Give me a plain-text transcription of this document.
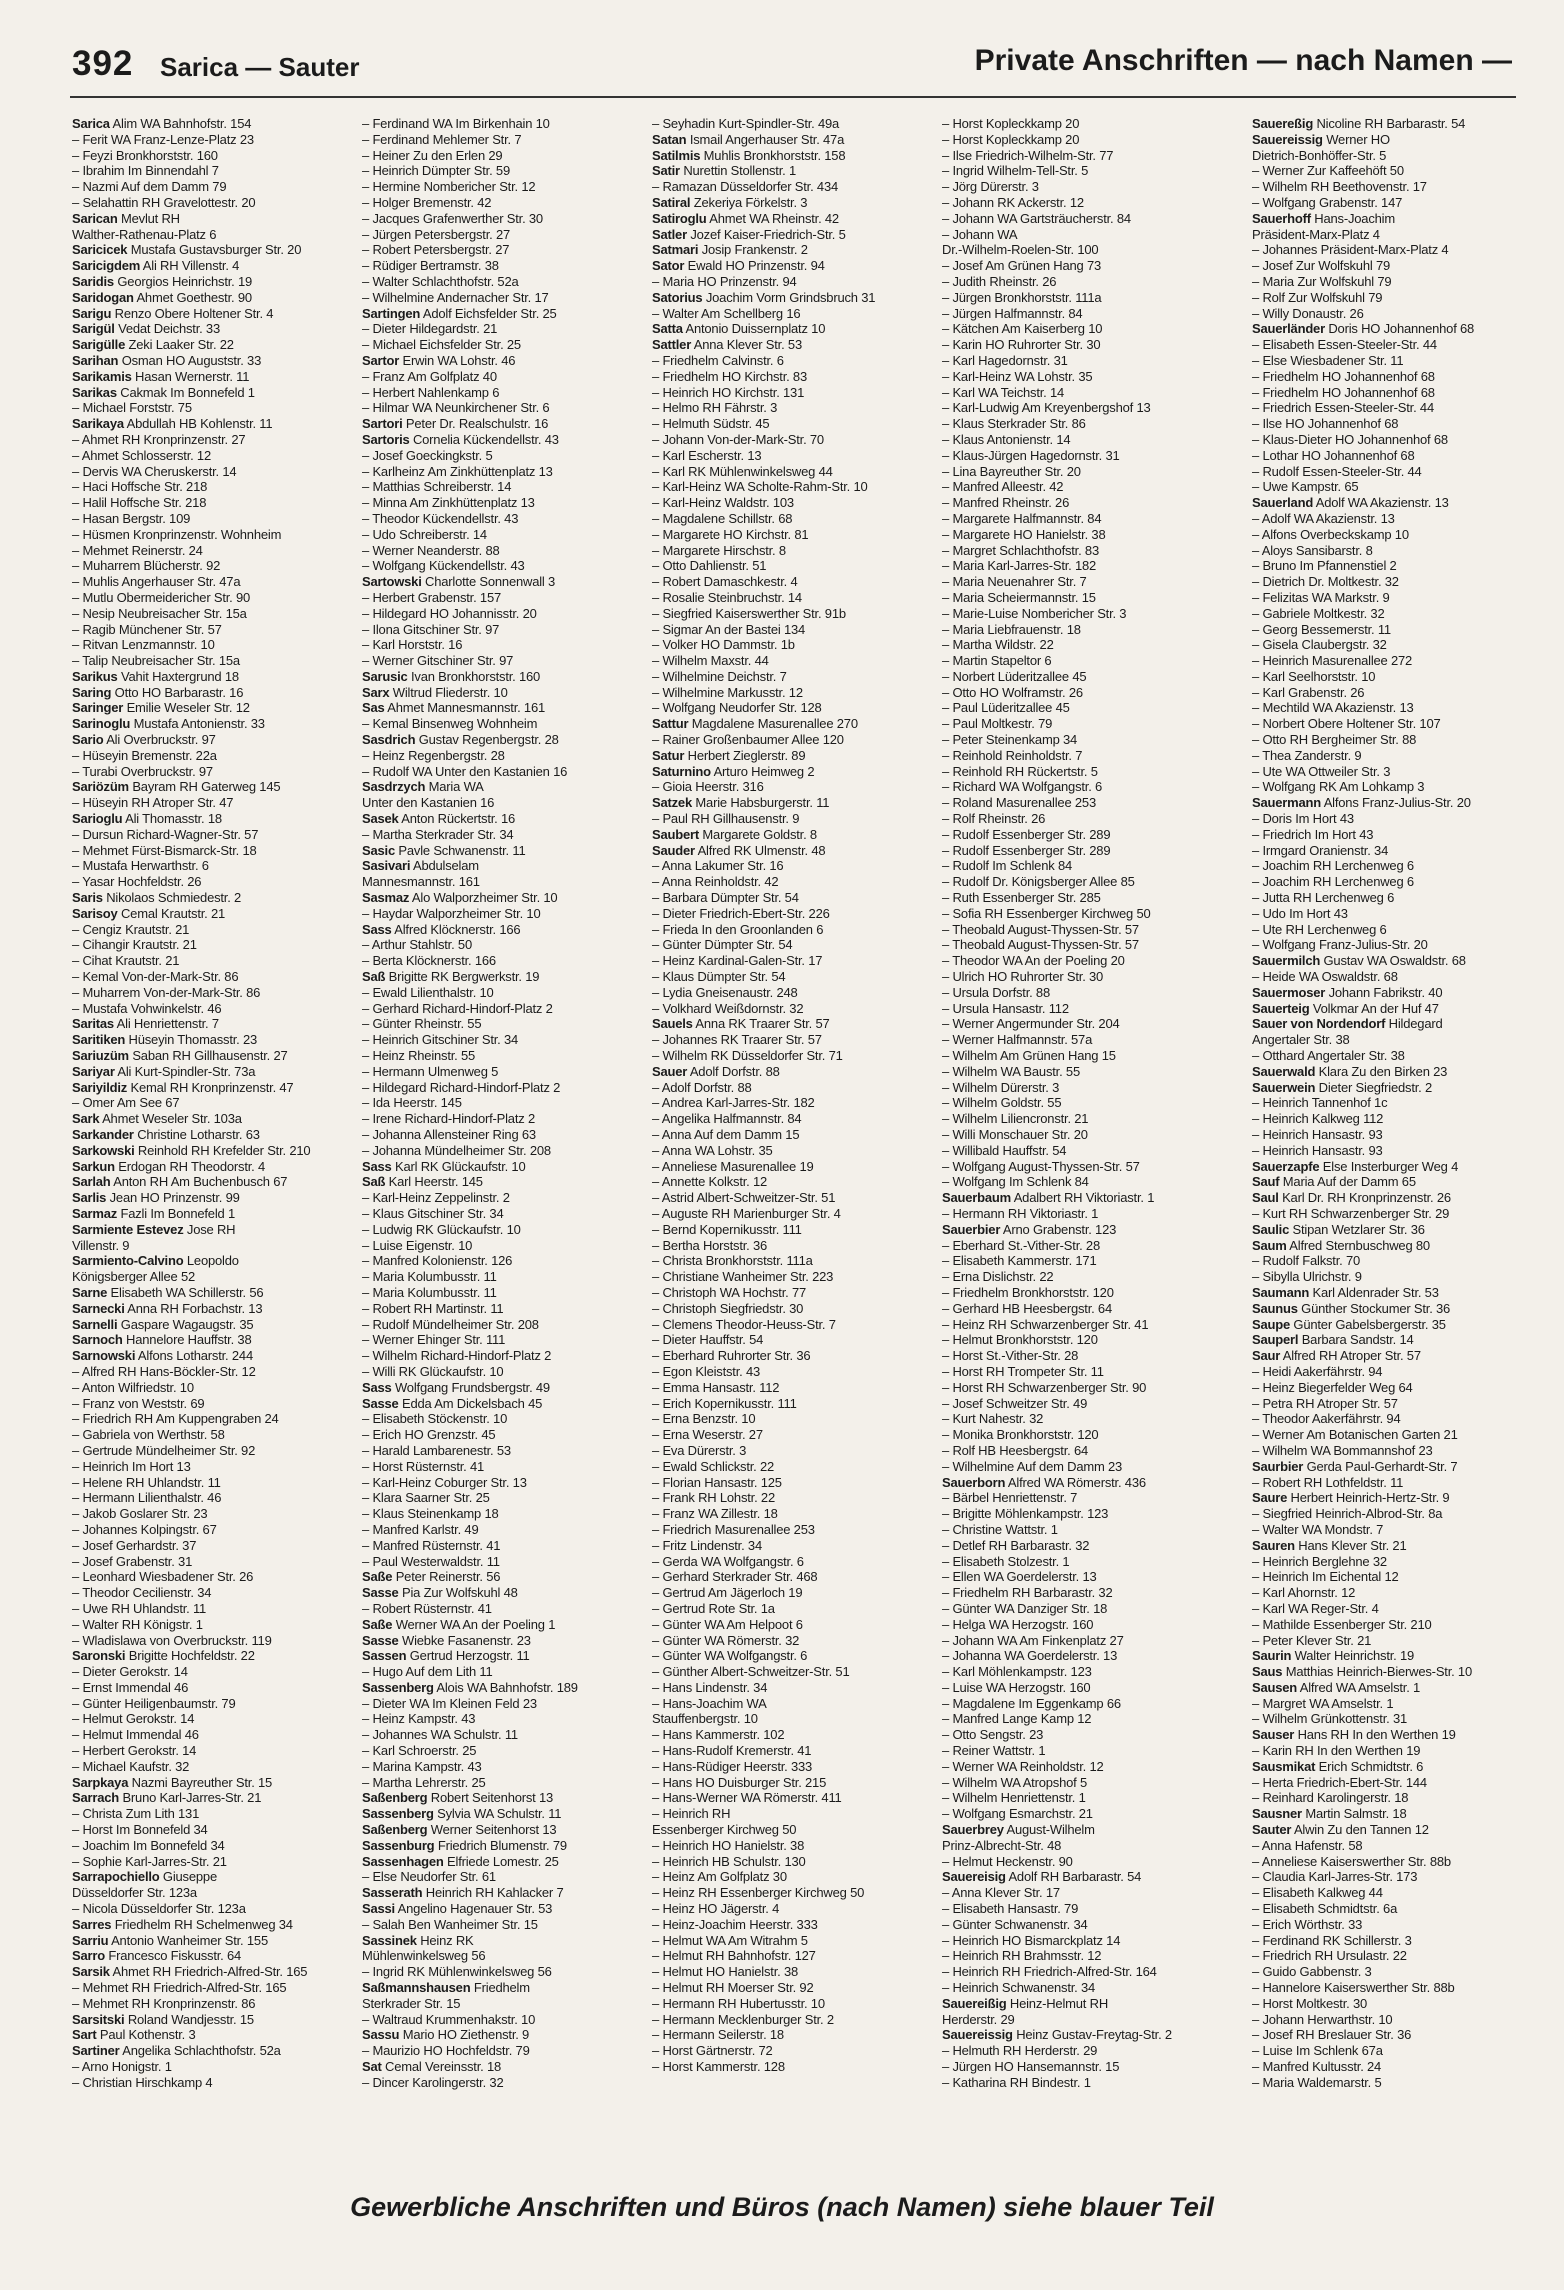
392 Sarica — Sauter	Private Anschriften — nach Namen —
Sarica Alim WA Bahnhofstr. 154
– Ferit WA Franz-Lenze-Platz 23
– Feyzi Bronkhorststr. 160
– Ibrahim Im Binnendahl 7
– Nazmi Auf dem Damm 79
– Selahattin RH Gravelottestr. 20
Sarican Mevlut RH
Walther-Rathenau-Platz 6
Saricicek Mustafa Gustavsburger Str. 20
Saricigdem Ali RH Villenstr. 4
Saridis Georgios Heinrichstr. 19
Saridogan Ahmet Goethestr. 90
Sarigu Renzo Obere Holtener Str. 4
Sarigül Vedat Deichstr. 33
Sarigülle Zeki Laaker Str. 22
Sarihan Osman HO Auguststr. 33
Sarikamis Hasan Wernerstr. 11
Sarikas Cakmak Im Bonnefeld 1
– Michael Forststr. 75
Sarikaya Abdullah HB Kohlenstr. 11
– Ahmet RH Kronprinzenstr. 27
– Ahmet Schlosserstr. 12
– Dervis WA Cheruskerstr. 14
– Haci Hoffsche Str. 218
– Halil Hoffsche Str. 218
– Hasan Bergstr. 109
– Hüsmen Kronprinzenstr. Wohnheim
– Mehmet Reinerstr. 24
– Muharrem Blücherstr. 92
– Muhlis Angerhauser Str. 47a
– Mutlu Obermeidericher Str. 90
– Nesip Neubreisacher Str. 15a
– Ragib Münchener Str. 57
– Ritvan Lenzmannstr. 10
– Talip Neubreisacher Str. 15a
Sarikus Vahit Haxtergrund 18
Saring Otto HO Barbarastr. 16
Saringer Emilie Weseler Str. 12
Sarinoglu Mustafa Antonienstr. 33
Sario Ali Overbruckstr. 97
– Hüseyin Bremenstr. 22a
– Turabi Overbruckstr. 97
Sariözüm Bayram RH Gaterweg 145
– Hüseyin RH Atroper Str. 47
Sarioglu Ali Thomasstr. 18
– Dursun Richard-Wagner-Str. 57
– Mehmet Fürst-Bismarck-Str. 18
– Mustafa Herwarthstr. 6
– Yasar Hochfeldstr. 26
Saris Nikolaos Schmiedestr. 2
Sarisoy Cemal Krautstr. 21
– Cengiz Krautstr. 21
– Cihangir Krautstr. 21
– Cihat Krautstr. 21
– Kemal Von-der-Mark-Str. 86
– Muharrem Von-der-Mark-Str. 86
– Mustafa Vohwinkelstr. 46
Saritas Ali Henriettenstr. 7
Saritiken Hüseyin Thomasstr. 23
Sariuzüm Saban RH Gillhausenstr. 27
Sariyar Ali Kurt-Spindler-Str. 73a
Sariyildiz Kemal RH Kronprinzenstr. 47
– Omer Am See 67
Sark Ahmet Weseler Str. 103a
Sarkander Christine Lotharstr. 63
Sarkowski Reinhold RH Krefelder Str. 210
Sarkun Erdogan RH Theodorstr. 4
Sarlah Anton RH Am Buchenbusch 67
Sarlis Jean HO Prinzenstr. 99
Sarmaz Fazli Im Bonnefeld 1
Sarmiente Estevez Jose RH
Villenstr. 9
Sarmiento-Calvino Leopoldo
Königsberger Allee 52
Sarne Elisabeth WA Schillerstr. 56
Sarnecki Anna RH Forbachstr. 13
Sarnelli Gaspare Wagaugstr. 35
Sarnoch Hannelore Hauffstr. 38
Sarnowski Alfons Lotharstr. 244
– Alfred RH Hans-Böckler-Str. 12
– Anton Wilfriedstr. 10
– Franz von Weststr. 69
– Friedrich RH Am Kuppengraben 24
– Gabriela von Werthstr. 58
– Gertrude Mündelheimer Str. 92
– Heinrich Im Hort 13
– Helene RH Uhlandstr. 11
– Hermann Lilienthalstr. 46
– Jakob Goslarer Str. 23
– Johannes Kolpingstr. 67
– Josef Gerhardstr. 37
– Josef Grabenstr. 31
– Leonhard Wiesbadener Str. 26
– Theodor Cecilienstr. 34
– Uwe RH Uhlandstr. 11
– Walter RH Königstr. 1
– Wladislawa von Overbruckstr. 119
Saronski Brigitte Hochfeldstr. 22
– Dieter Gerokstr. 14
– Ernst Immendal 46
– Günter Heiligenbaumstr. 79
– Helmut Gerokstr. 14
– Helmut Immendal 46
– Herbert Gerokstr. 14
– Michael Kaufstr. 32
Sarpkaya Nazmi Bayreuther Str. 15
Sarrach Bruno Karl-Jarres-Str. 21
– Christa Zum Lith 131
– Horst Im Bonnefeld 34
– Joachim Im Bonnefeld 34
– Sophie Karl-Jarres-Str. 21
Sarrapochiello Giuseppe
Düsseldorfer Str. 123a
– Nicola Düsseldorfer Str. 123a
Sarres Friedhelm RH Schelmenweg 34
Sarriu Antonio Wanheimer Str. 155
Sarro Francesco Fiskusstr. 64
Sarsik Ahmet RH Friedrich-Alfred-Str. 165
– Mehmet RH Friedrich-Alfred-Str. 165
– Mehmet RH Kronprinzenstr. 86
Sarsitski Roland Wandjesstr. 15
Sart Paul Kothenstr. 3
Sartiner Angelika Schlachthofstr. 52a
– Arno Honigstr. 1
– Christian Hirschkamp 4
– Ferdinand WA Im Birkenhain 10
– Ferdinand Mehlemer Str. 7
– Heiner Zu den Erlen 29
– Heinrich Dümpter Str. 59
– Hermine Nombericher Str. 12
– Holger Bremenstr. 42
– Jacques Grafenwerther Str. 30
– Jürgen Petersbergstr. 27
– Robert Petersbergstr. 27
– Rüdiger Bertramstr. 38
– Walter Schlachthofstr. 52a
– Wilhelmine Andernacher Str. 17
Sartingen Adolf Eichsfelder Str. 25
– Dieter Hildegardstr. 21
– Michael Eichsfelder Str. 25
Sartor Erwin WA Lohstr. 46
– Franz Am Golfplatz 40
– Herbert Nahlenkamp 6
– Hilmar WA Neunkirchener Str. 6
Sartori Peter Dr. Realschulstr. 16
Sartoris Cornelia Kückendellstr. 43
– Josef Goeckingkstr. 5
– Karlheinz Am Zinkhüttenplatz 13
– Matthias Schreiberstr. 14
– Minna Am Zinkhüttenplatz 13
– Theodor Kückendellstr. 43
– Udo Schreiberstr. 14
– Werner Neanderstr. 88
– Wolfgang Kückendellstr. 43
Sartowski Charlotte Sonnenwall 3
– Herbert Grabenstr. 157
– Hildegard HO Johannisstr. 20
– Ilona Gitschiner Str. 97
– Karl Horststr. 16
– Werner Gitschiner Str. 97
Sarusic Ivan Bronkhorststr. 160
Sarx Wiltrud Fliederstr. 10
Sas Ahmet Mannesmannstr. 161
– Kemal Binsenweg Wohnheim
Sasdrich Gustav Regenbergstr. 28
– Heinz Regenbergstr. 28
– Rudolf WA Unter den Kastanien 16
Sasdrzych Maria WA
Unter den Kastanien 16
Sasek Anton Rückertstr. 16
– Martha Sterkrader Str. 34
Sasic Pavle Schwanenstr. 11
Sasivari Abdulselam
Mannesmannstr. 161
Sasmaz Alo Walporzheimer Str. 10
– Haydar Walporzheimer Str. 10
Sass Alfred Klöcknerstr. 166
– Arthur Stahlstr. 50
– Berta Klöcknerstr. 166
Saß Brigitte RK Bergwerkstr. 19
– Ewald Lilienthalstr. 10
– Gerhard Richard-Hindorf-Platz 2
– Günter Rheinstr. 55
– Heinrich Gitschiner Str. 34
– Heinz Rheinstr. 55
– Hermann Ulmenweg 5
– Hildegard Richard-Hindorf-Platz 2
– Ida Heerstr. 145
– Irene Richard-Hindorf-Platz 2
– Johanna Allensteiner Ring 63
– Johanna Mündelheimer Str. 208
Sass Karl RK Glückaufstr. 10
Saß Karl Heerstr. 145
– Karl-Heinz Zeppelinstr. 2
– Klaus Gitschiner Str. 34
– Ludwig RK Glückaufstr. 10
– Luise Eigenstr. 10
– Manfred Kolonienstr. 126
– Maria Kolumbusstr. 11
– Maria Kolumbusstr. 11
– Robert RH Martinstr. 11
– Rudolf Mündelheimer Str. 208
– Werner Ehinger Str. 111
– Wilhelm Richard-Hindorf-Platz 2
– Willi RK Glückaufstr. 10
Sass Wolfgang Frundsbergstr. 49
Sasse Edda Am Dickelsbach 45
– Elisabeth Stöckenstr. 10
– Erich HO Grenzstr. 45
– Harald Lambarenestr. 53
– Horst Rüsternstr. 41
– Karl-Heinz Coburger Str. 13
– Klara Saarner Str. 25
– Klaus Steinenkamp 18
– Manfred Karlstr. 49
– Manfred Rüsternstr. 41
– Paul Westerwaldstr. 11
Saße Peter Reinerstr. 56
Sasse Pia Zur Wolfskuhl 48
– Robert Rüsternstr. 41
Saße Werner WA An der Poeling 1
Sasse Wiebke Fasanenstr. 23
Sassen Gertrud Herzogstr. 11
– Hugo Auf dem Lith 11
Sassenberg Alois WA Bahnhofstr. 189
– Dieter WA Im Kleinen Feld 23
– Heinz Kampstr. 43
– Johannes WA Schulstr. 11
– Karl Schroerstr. 25
– Marina Kampstr. 43
– Martha Lehrerstr. 25
Saßenberg Robert Seitenhorst 13
Sassenberg Sylvia WA Schulstr. 11
Saßenberg Werner Seitenhorst 13
Sassenburg Friedrich Blumenstr. 79
Sassenhagen Elfriede Lomestr. 25
– Else Neudorfer Str. 61
Sasserath Heinrich RH Kahlacker 7
Sassi Angelino Hagenauer Str. 53
– Salah Ben Wanheimer Str. 15
Sassinek Heinz RK
Mühlenwinkelsweg 56
– Ingrid RK Mühlenwinkelsweg 56
Saßmannshausen Friedhelm
Sterkrader Str. 15
– Waltraud Krummenhakstr. 10
Sassu Mario HO Ziethenstr. 9
– Maurizio HO Hochfeldstr. 79
Sat Cemal Vereinsstr. 18
– Dincer Karolingerstr. 32
– Seyhadin Kurt-Spindler-Str. 49a
Satan Ismail Angerhauser Str. 47a
Satilmis Muhlis Bronkhorststr. 158
Satir Nurettin Stollenstr. 1
– Ramazan Düsseldorfer Str. 434
Satiral Zekeriya Förkelstr. 3
Satiroglu Ahmet WA Rheinstr. 42
Satler Jozef Kaiser-Friedrich-Str. 5
Satmari Josip Frankenstr. 2
Sator Ewald HO Prinzenstr. 94
– Maria HO Prinzenstr. 94
Satorius Joachim Vorm Grindsbruch 31
– Walter Am Schellberg 16
Satta Antonio Duissernplatz 10
Sattler Anna Klever Str. 53
– Friedhelm Calvinstr. 6
– Friedhelm HO Kirchstr. 83
– Heinrich HO Kirchstr. 131
– Helmo RH Fährstr. 3
– Helmuth Südstr. 45
– Johann Von-der-Mark-Str. 70
– Karl Escherstr. 13
– Karl RK Mühlenwinkelsweg 44
– Karl-Heinz WA Scholte-Rahm-Str. 10
– Karl-Heinz Waldstr. 103
– Magdalene Schillstr. 68
– Margarete HO Kirchstr. 81
– Margarete Hirschstr. 8
– Otto Dahlienstr. 51
– Robert Damaschkestr. 4
– Rosalie Steinbruchstr. 14
– Siegfried Kaiserswerther Str. 91b
– Sigmar An der Bastei 134
– Volker HO Dammstr. 1b
– Wilhelm Maxstr. 44
– Wilhelmine Deichstr. 7
– Wilhelmine Markusstr. 12
– Wolfgang Neudorfer Str. 128
Sattur Magdalene Masurenallee 270
– Rainer Großenbaumer Allee 120
Satur Herbert Zieglerstr. 89
Saturnino Arturo Heimweg 2
– Gioia Heerstr. 316
Satzek Marie Habsburgerstr. 11
– Paul RH Gillhausenstr. 9
Saubert Margarete Goldstr. 8
Sauder Alfred RK Ulmenstr. 48
– Anna Lakumer Str. 16
– Anna Reinholdstr. 42
– Barbara Dümpter Str. 54
– Dieter Friedrich-Ebert-Str. 226
– Frieda In den Groonlanden 6
– Günter Dümpter Str. 54
– Heinz Kardinal-Galen-Str. 17
– Klaus Dümpter Str. 54
– Lydia Gneisenaustr. 248
– Volkhard Weißdornstr. 32
Sauels Anna RK Traarer Str. 57
– Johannes RK Traarer Str. 57
– Wilhelm RK Düsseldorfer Str. 71
Sauer Adolf Dorfstr. 88
– Adolf Dorfstr. 88
– Andrea Karl-Jarres-Str. 182
– Angelika Halfmannstr. 84
– Anna Auf dem Damm 15
– Anna WA Lohstr. 35
– Anneliese Masurenallee 19
– Annette Kolkstr. 12
– Astrid Albert-Schweitzer-Str. 51
– Auguste RH Marienburger Str. 4
– Bernd Kopernikusstr. 111
– Bertha Horststr. 36
– Christa Bronkhorststr. 111a
– Christiane Wanheimer Str. 223
– Christoph WA Hochstr. 77
– Christoph Siegfriedstr. 30
– Clemens Theodor-Heuss-Str. 7
– Dieter Hauffstr. 54
– Eberhard Ruhrorter Str. 36
– Egon Kleiststr. 43
– Emma Hansastr. 112
– Erich Kopernikusstr. 111
– Erna Benzstr. 10
– Erna Weserstr. 27
– Eva Dürerstr. 3
– Ewald Schlickstr. 22
– Florian Hansastr. 125
– Frank RH Lohstr. 22
– Franz WA Zillestr. 18
– Friedrich Masurenallee 253
– Fritz Lindenstr. 34
– Gerda WA Wolfgangstr. 6
– Gerhard Sterkrader Str. 468
– Gertrud Am Jägerloch 19
– Gertrud Rote Str. 1a
– Günter WA Am Helpoot 6
– Günter WA Römerstr. 32
– Günter WA Wolfgangstr. 6
– Günther Albert-Schweitzer-Str. 51
– Hans Lindenstr. 34
– Hans-Joachim WA
Stauffenbergstr. 10
– Hans Kammerstr. 102
– Hans-Rudolf Kremerstr. 41
– Hans-Rüdiger Heerstr. 333
– Hans HO Duisburger Str. 215
– Hans-Werner WA Römerstr. 411
– Heinrich RH
Essenberger Kirchweg 50
– Heinrich HO Hanielstr. 38
– Heinrich HB Schulstr. 130
– Heinz Am Golfplatz 30
– Heinz RH Essenberger Kirchweg 50
– Heinz HO Jägerstr. 4
– Heinz-Joachim Heerstr. 333
– Helmut WA Am Witrahm 5
– Helmut RH Bahnhofstr. 127
– Helmut HO Hanielstr. 38
– Helmut RH Moerser Str. 92
– Hermann RH Hubertusstr. 10
– Hermann Mecklenburger Str. 2
– Hermann Seilerstr. 18
– Horst Gärtnerstr. 72
– Horst Kammerstr. 128
– Horst Kopleckkamp 20
– Horst Kopleckkamp 20
– Ilse Friedrich-Wilhelm-Str. 77
– Ingrid Wilhelm-Tell-Str. 5
– Jörg Dürerstr. 3
– Johann RK Ackerstr. 12
– Johann WA Gartsträucherstr. 84
– Johann WA
Dr.-Wilhelm-Roelen-Str. 100
– Josef Am Grünen Hang 73
– Judith Rheinstr. 26
– Jürgen Bronkhorststr. 111a
– Jürgen Halfmannstr. 84
– Kätchen Am Kaiserberg 10
– Karin HO Ruhrorter Str. 30
– Karl Hagedornstr. 31
– Karl-Heinz WA Lohstr. 35
– Karl WA Teichstr. 14
– Karl-Ludwig Am Kreyenbergshof 13
– Klaus Sterkrader Str. 86
– Klaus Antonienstr. 14
– Klaus-Jürgen Hagedornstr. 31
– Lina Bayreuther Str. 20
– Manfred Alleestr. 42
– Manfred Rheinstr. 26
– Margarete Halfmannstr. 84
– Margarete HO Hanielstr. 38
– Margret Schlachthofstr. 83
– Maria Karl-Jarres-Str. 182
– Maria Neuenahrer Str. 7
– Maria Scheiermannstr. 15
– Marie-Luise Nombericher Str. 3
– Maria Liebfrauenstr. 18
– Martha Wildstr. 22
– Martin Stapeltor 6
– Norbert Lüderitzallee 45
– Otto HO Wolframstr. 26
– Paul Lüderitzallee 45
– Paul Moltkestr. 79
– Peter Steinenkamp 34
– Reinhold Reinholdstr. 7
– Reinhold RH Rückertstr. 5
– Richard WA Wolfgangstr. 6
– Roland Masurenallee 253
– Rolf Rheinstr. 26
– Rudolf Essenberger Str. 289
– Rudolf Essenberger Str. 289
– Rudolf Im Schlenk 84
– Rudolf Dr. Königsberger Allee 85
– Ruth Essenberger Str. 285
– Sofia RH Essenberger Kirchweg 50
– Theobald August-Thyssen-Str. 57
– Theobald August-Thyssen-Str. 57
– Theodor WA An der Poeling 20
– Ulrich HO Ruhrorter Str. 30
– Ursula Dorfstr. 88
– Ursula Hansastr. 112
– Werner Angermunder Str. 204
– Werner Halfmannstr. 57a
– Wilhelm Am Grünen Hang 15
– Wilhelm WA Baustr. 55
– Wilhelm Dürerstr. 3
– Wilhelm Goldstr. 55
– Wilhelm Liliencronstr. 21
– Willi Monschauer Str. 20
– Willibald Hauffstr. 54
– Wolfgang August-Thyssen-Str. 57
– Wolfgang Im Schlenk 84
Sauerbaum Adalbert RH Viktoriastr. 1
– Hermann RH Viktoriastr. 1
Sauerbier Arno Grabenstr. 123
– Eberhard St.-Vither-Str. 28
– Elisabeth Kammerstr. 171
– Erna Dislichstr. 22
– Friedhelm Bronkhorststr. 120
– Gerhard HB Heesbergstr. 64
– Heinz RH Schwarzenberger Str. 41
– Helmut Bronkhorststr. 120
– Horst St.-Vither-Str. 28
– Horst RH Trompeter Str. 11
– Horst RH Schwarzenberger Str. 90
– Josef Schweitzer Str. 49
– Kurt Nahestr. 32
– Monika Bronkhorststr. 120
– Rolf HB Heesbergstr. 64
– Wilhelmine Auf dem Damm 23
Sauerborn Alfred WA Römerstr. 436
– Bärbel Henriettenstr. 7
– Brigitte Möhlenkampstr. 123
– Christine Wattstr. 1
– Detlef RH Barbarastr. 32
– Elisabeth Stolzestr. 1
– Ellen WA Goerdelerstr. 13
– Friedhelm RH Barbarastr. 32
– Günter WA Danziger Str. 18
– Helga WA Herzogstr. 160
– Johann WA Am Finkenplatz 27
– Johanna WA Goerdelerstr. 13
– Karl Möhlenkampstr. 123
– Luise WA Herzogstr. 160
– Magdalene Im Eggenkamp 66
– Manfred Lange Kamp 12
– Otto Sengstr. 23
– Reiner Wattstr. 1
– Werner WA Reinholdstr. 12
– Wilhelm WA Atropshof 5
– Wilhelm Henriettenstr. 1
– Wolfgang Esmarchstr. 21
Sauerbrey August-Wilhelm
Prinz-Albrecht-Str. 48
– Helmut Heckenstr. 90
Sauereisig Adolf RH Barbarastr. 54
– Anna Klever Str. 17
– Elisabeth Hansastr. 79
– Günter Schwanenstr. 34
– Heinrich HO Bismarckplatz 14
– Heinrich RH Brahmsstr. 12
– Heinrich RH Friedrich-Alfred-Str. 164
– Heinrich Schwanenstr. 34
Sauereißig Heinz-Helmut RH
Herderstr. 29
Sauereissig Heinz Gustav-Freytag-Str. 2
– Helmuth RH Herderstr. 29
– Jürgen HO Hansemannstr. 15
– Katharina RH Bindestr. 1
Sauereßig Nicoline RH Barbarastr. 54
Sauereissig Werner HO
Dietrich-Bonhöffer-Str. 5
– Werner Zur Kaffeehöft 50
– Wilhelm RH Beethovenstr. 17
– Wolfgang Grabenstr. 147
Sauerhoff Hans-Joachim
Präsident-Marx-Platz 4
– Johannes Präsident-Marx-Platz 4
– Josef Zur Wolfskuhl 79
– Maria Zur Wolfskuhl 79
– Rolf Zur Wolfskuhl 79
– Willy Donaustr. 26
Sauerländer Doris HO Johannenhof 68
– Elisabeth Essen-Steeler-Str. 44
– Else Wiesbadener Str. 11
– Friedhelm HO Johannenhof 68
– Friedhelm HO Johannenhof 68
– Friedrich Essen-Steeler-Str. 44
– Ilse HO Johannenhof 68
– Klaus-Dieter HO Johannenhof 68
– Lothar HO Johannenhof 68
– Rudolf Essen-Steeler-Str. 44
– Uwe Kampstr. 65
Sauerland Adolf WA Akazienstr. 13
– Adolf WA Akazienstr. 13
– Alfons Overbeckskamp 10
– Aloys Sansibarstr. 8
– Bruno Im Pfannenstiel 2
– Dietrich Dr. Moltkestr. 32
– Felizitas WA Markstr. 9
– Gabriele Moltkestr. 32
– Georg Bessemerstr. 11
– Gisela Claubergstr. 32
– Heinrich Masurenallee 272
– Karl Seelhorststr. 10
– Karl Grabenstr. 26
– Mechtild WA Akazienstr. 13
– Norbert Obere Holtener Str. 107
– Otto RH Bergheimer Str. 88
– Thea Zanderstr. 9
– Ute WA Ottweiler Str. 3
– Wolfgang RK Am Lohkamp 3
Sauermann Alfons Franz-Julius-Str. 20
– Doris Im Hort 43
– Friedrich Im Hort 43
– Irmgard Oranienstr. 34
– Joachim RH Lerchenweg 6
– Joachim RH Lerchenweg 6
– Jutta RH Lerchenweg 6
– Udo Im Hort 43
– Ute RH Lerchenweg 6
– Wolfgang Franz-Julius-Str. 20
Sauermilch Gustav WA Oswaldstr. 68
– Heide WA Oswaldstr. 68
Sauermoser Johann Fabrikstr. 40
Sauerteig Volkmar An der Huf 47
Sauer von Nordendorf Hildegard
Angertaler Str. 38
– Otthard Angertaler Str. 38
Sauerwald Klara Zu den Birken 23
Sauerwein Dieter Siegfriedstr. 2
– Heinrich Tannenhof 1c
– Heinrich Kalkweg 112
– Heinrich Hansastr. 93
– Heinrich Hansastr. 93
Sauerzapfe Else Insterburger Weg 4
Sauf Maria Auf der Damm 65
Saul Karl Dr. RH Kronprinzenstr. 26
– Kurt RH Schwarzenberger Str. 29
Saulic Stipan Wetzlarer Str. 36
Saum Alfred Sternbuschweg 80
– Rudolf Falkstr. 70
– Sibylla Ulrichstr. 9
Saumann Karl Aldenrader Str. 53
Saunus Günther Stockumer Str. 36
Saupe Günter Gabelsbergerstr. 35
Sauperl Barbara Sandstr. 14
Saur Alfred RH Atroper Str. 57
– Heidi Aakerfährstr. 94
– Heinz Biegerfelder Weg 64
– Petra RH Atroper Str. 57
– Theodor Aakerfährstr. 94
– Werner Am Botanischen Garten 21
– Wilhelm WA Bommannshof 23
Saurbier Gerda Paul-Gerhardt-Str. 7
– Robert RH Lothfeldstr. 11
Saure Herbert Heinrich-Hertz-Str. 9
– Siegfried Heinrich-Albrod-Str. 8a
– Walter WA Mondstr. 7
Sauren Hans Klever Str. 21
– Heinrich Berglehne 32
– Heinrich Im Eichental 12
– Karl Ahornstr. 12
– Karl WA Reger-Str. 4
– Mathilde Essenberger Str. 210
– Peter Klever Str. 21
Saurin Walter Heinrichstr. 19
Saus Matthias Heinrich-Bierwes-Str. 10
Sausen Alfred WA Amselstr. 1
– Margret WA Amselstr. 1
– Wilhelm Grünkottenstr. 31
Sauser Hans RH In den Werthen 19
– Karin RH In den Werthen 19
Sausmikat Erich Schmidtstr. 6
– Herta Friedrich-Ebert-Str. 144
– Reinhard Karolingerstr. 18
Sausner Martin Salmstr. 18
Sauter Alwin Zu den Tannen 12
– Anna Hafenstr. 58
– Anneliese Kaiserswerther Str. 88b
– Claudia Karl-Jarres-Str. 173
– Elisabeth Kalkweg 44
– Elisabeth Schmidtstr. 6a
– Erich Wörthstr. 33
– Ferdinand RK Schillerstr. 3
– Friedrich RH Ursulastr. 22
– Guido Gabbenstr. 3
– Hannelore Kaiserswerther Str. 88b
– Horst Moltkestr. 30
– Johann Herwarthstr. 10
– Josef RH Breslauer Str. 36
– Luise Im Schlenk 67a
– Manfred Kultusstr. 24
– Maria Waldemarstr. 5
Gewerbliche Anschriften und Büros (nach Namen) siehe blauer Teil
